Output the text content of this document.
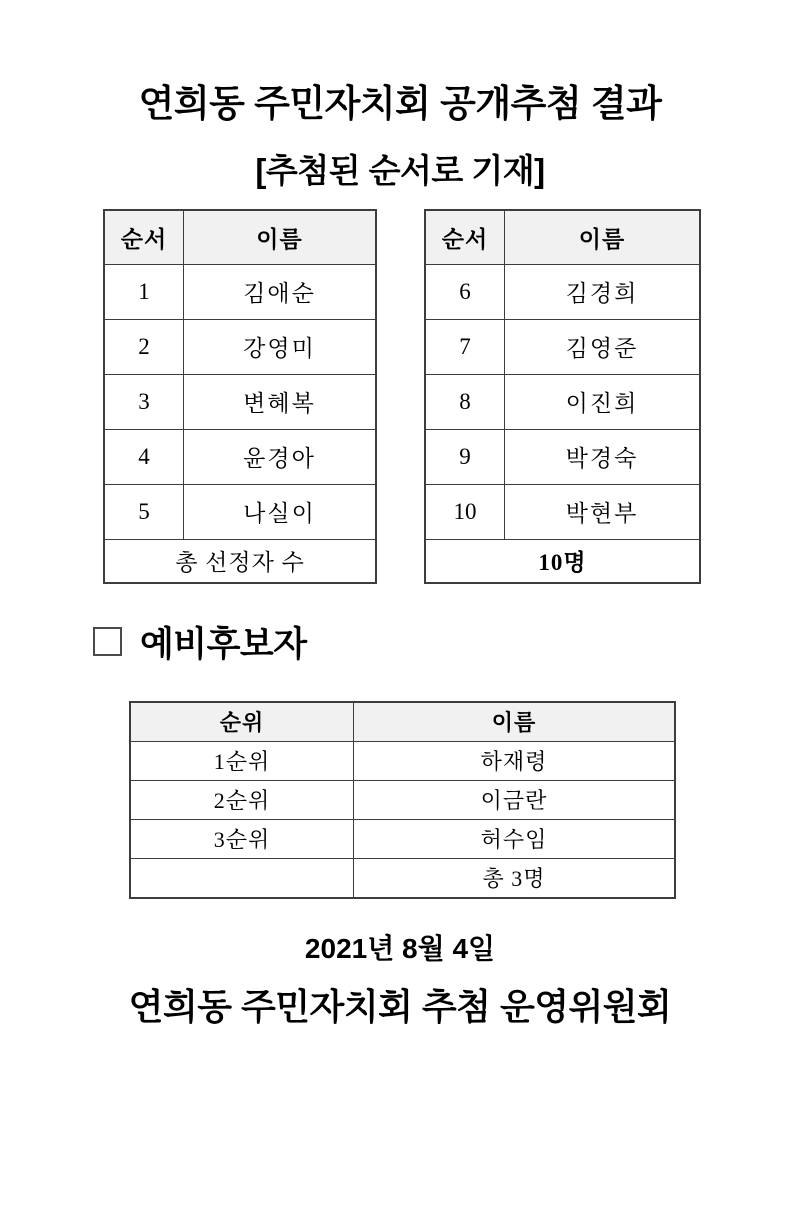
연희동 주민자치회 공개추첨 결과
[추첨된 순서로 기재]
순서	이름
1	김애순
2	강영미
3	변혜복
4	윤경아
5	나실이
총 선정자 수	
순서	이름
6	김경희
7	김영준
8	이진희
9	박경숙
10	박현부
10명	
예비후보자
순위	이름
1순위	하재령
2순위	이금란
3순위	허수임
	총 3명
2021년 8월 4일
연희동 주민자치회 추첨 운영위원회
